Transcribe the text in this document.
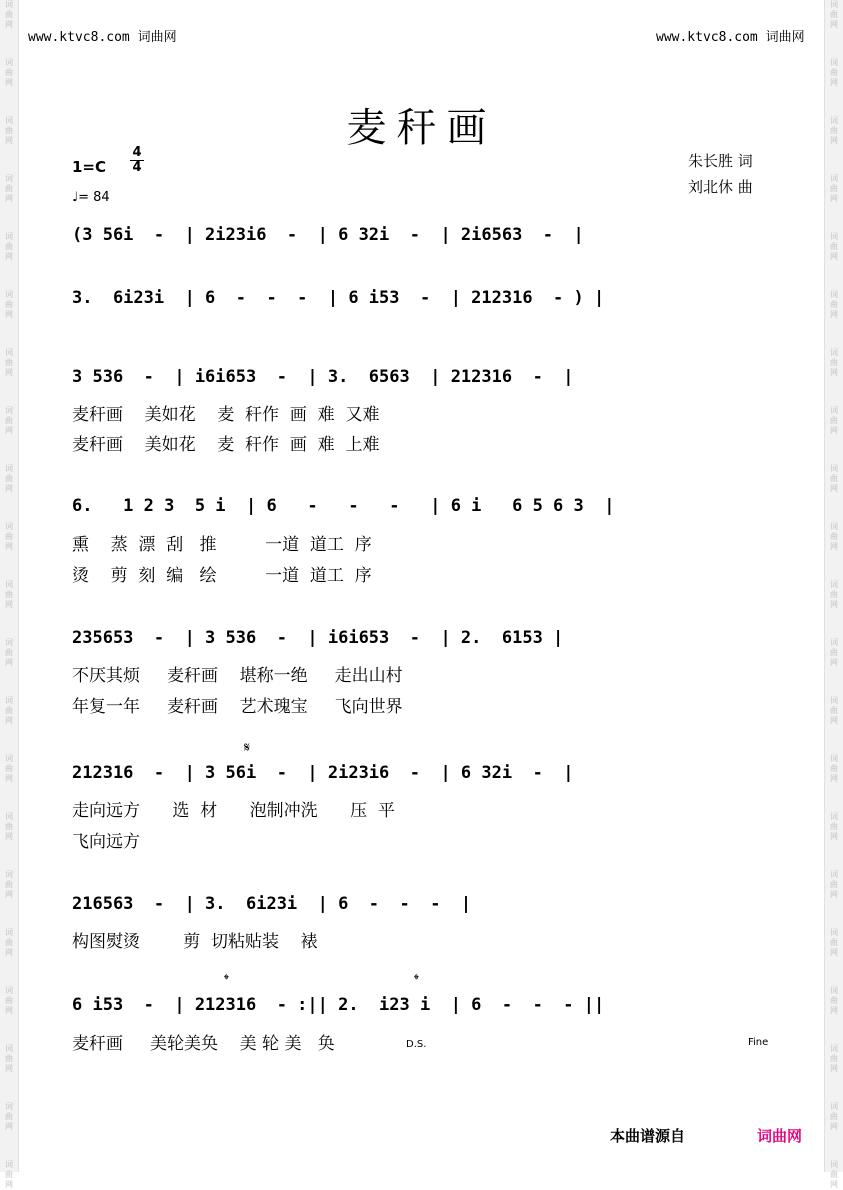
www.ktvc8.com 词曲网	www.ktvc8.com 词曲网
麦秆画
1=C
4
4
♩= 84
朱长胜 词
刘北休 曲
(3 56i  -  | 2i23i6  -  | 6 32i  -  | 2i6563  -  |
3.  6i23i  | 6  -  -  -  | 6 i53  -  | 212316  - ) |
3 536  -  | i6i653  -  | 3.  6563  | 212316  -  |
麦秆画    美如花    麦  秆作  画  难  又难
麦秆画    美如花    麦  秆作  画  难  上难
6.   1 2 3  5 i  | 6   -   -   -   | 6 i   6 5 6 3  |
熏    蒸  漂  刮   推         一道  道工  序
烫    剪  刻  编   绘         一道  道工  序
235653  -  | 3 536  -  | i6i653  -  | 2.  6153 |
不厌其烦     麦秆画    堪称一绝     走出山村
年复一年     麦秆画    艺术瑰宝     飞向世界
𝄋
212316  -  | 3 56i  -  | 2i23i6  -  | 6 32i  -  |
走向远方      选  材      泡制冲洗      压  平
飞向远方
216563  -  | 3.  6i23i  | 6  -  -  -  |
构图熨烫        剪  切粘贴装    裱
𝄌	𝄌
6 i53  -  | 212316  - :|| 2.  i23 i  | 6  -  -  - ||
麦秆画     美轮美奂    美 轮 美   奂	D.S.	Fine
本曲谱源自	词曲网
词
曲
网
词
曲
网
词
曲
网
词
曲
网
词
曲
网
词
曲
网
词
曲
网
词
曲
网
词
曲
网
词
曲
网
词
曲
网
词
曲
网
词
曲
网
词
曲
网
词
曲
网
词
曲
网
词
曲
网
词
曲
网
词
曲
网
词
曲
网
词
曲
网
词
曲
网
词
曲
网
词
曲
网
词
曲
网
词
曲
网
词
曲
网
词
曲
网
词
曲
网
词
曲
网
词
曲
网
词
曲
网
词
曲
网
词
曲
网
词
曲
网
词
曲
网
词
曲
网
词
曲
网
词
曲
网
词
曲
网
词
曲
网
词
曲
网
